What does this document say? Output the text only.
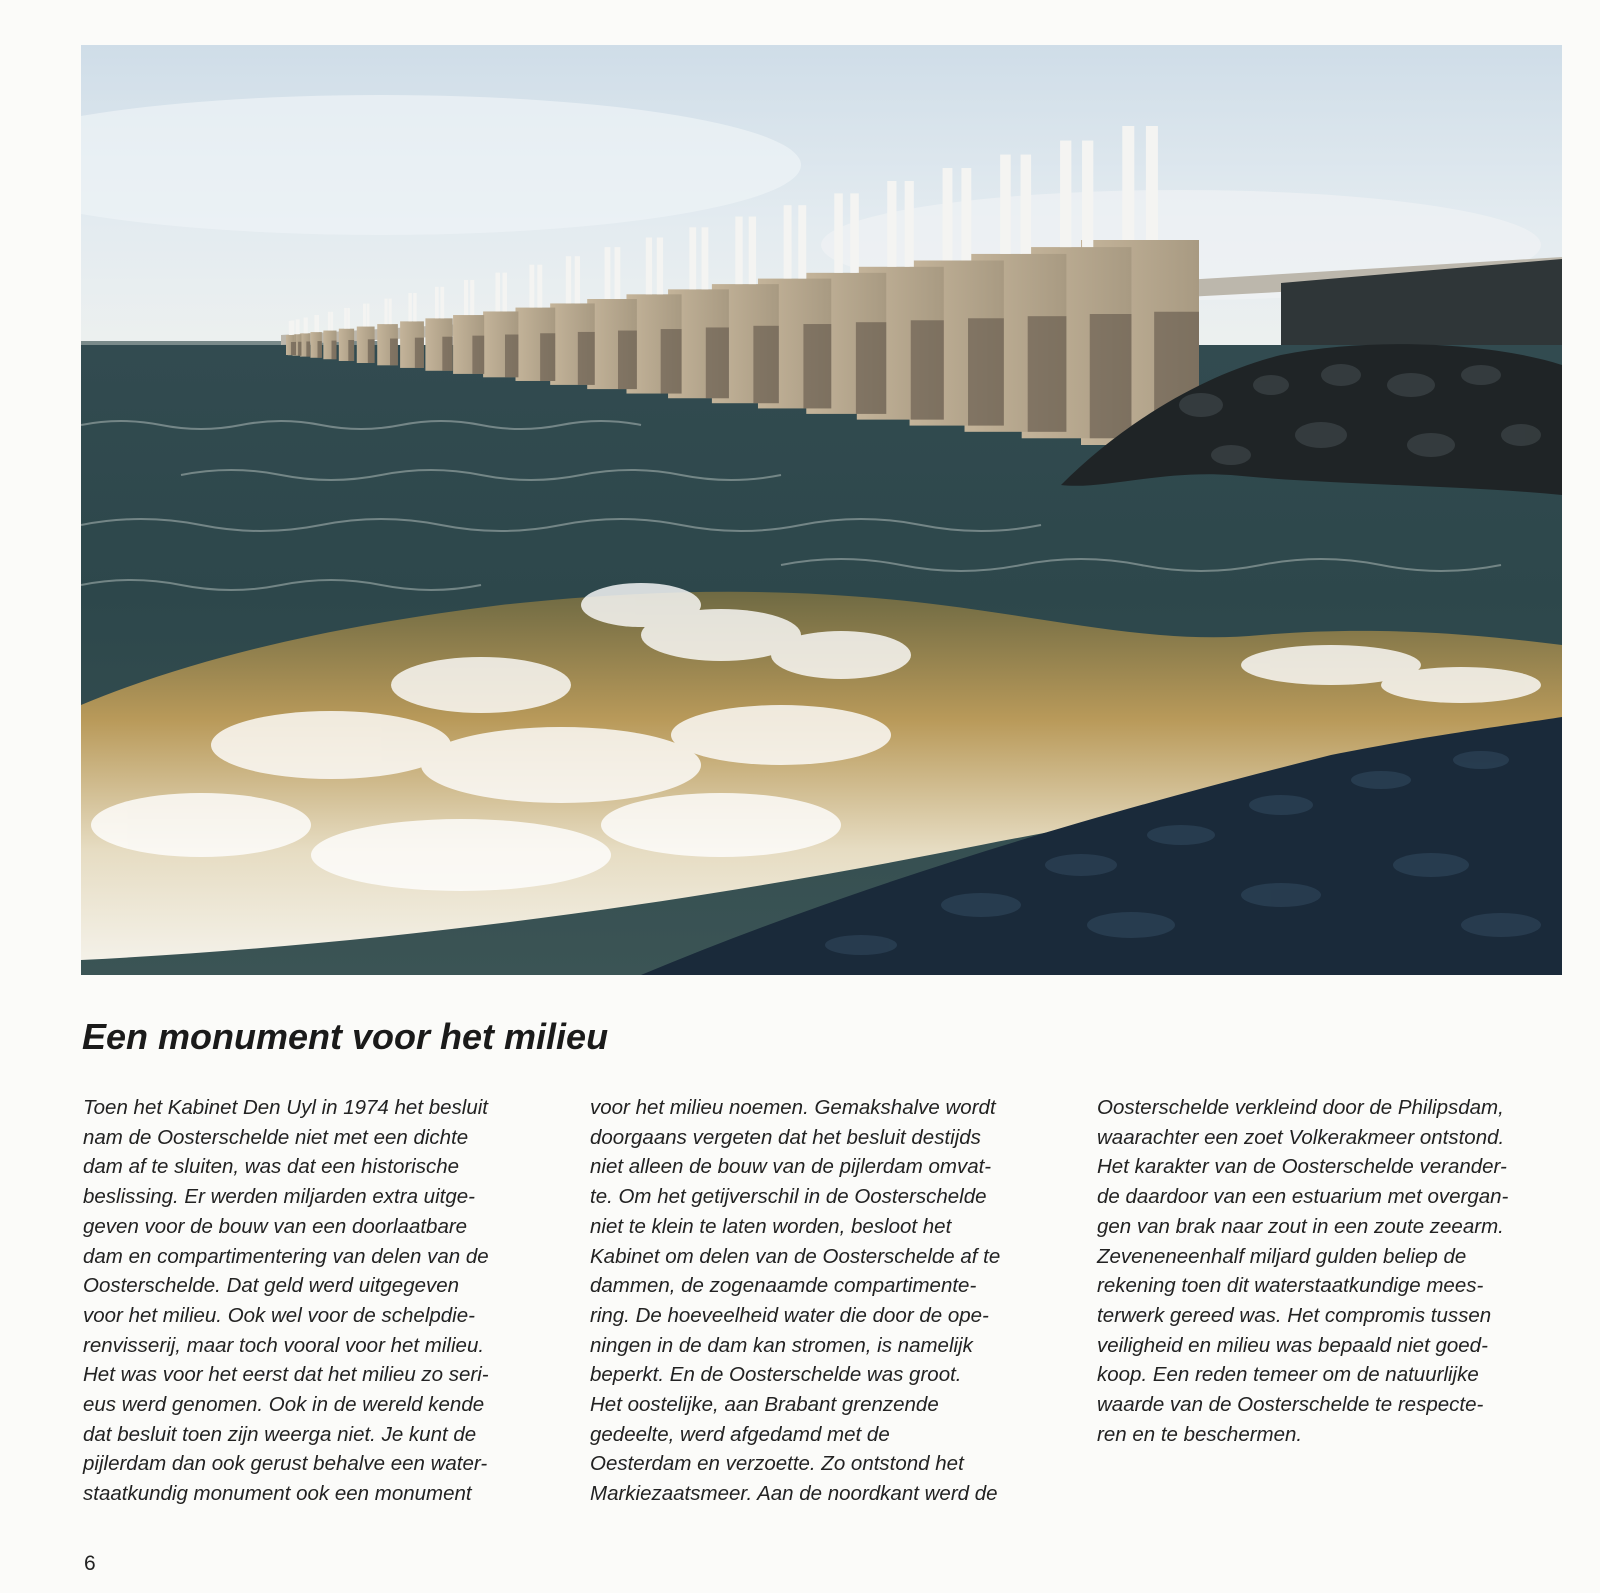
Een monument voor het milieu
Toen het Kabinet Den Uyl in 1974 het besluit
nam de Oosterschelde niet met een dichte
dam af te sluiten, was dat een historische
beslissing. Er werden miljarden extra uitge-
geven voor de bouw van een doorlaatbare
dam en compartimentering van delen van de
Oosterschelde. Dat geld werd uitgegeven
voor het milieu. Ook wel voor de schelpdie-
renvisserij, maar toch vooral voor het milieu.
Het was voor het eerst dat het milieu zo seri-
eus werd genomen. Ook in de wereld kende
dat besluit toen zijn weerga niet. Je kunt de
pijlerdam dan ook gerust behalve een water-
staatkundig monument ook een monument
voor het milieu noemen. Gemakshalve wordt
doorgaans vergeten dat het besluit destijds
niet alleen de bouw van de pijlerdam omvat-
te. Om het getijverschil in de Oosterschelde
niet te klein te laten worden, besloot het
Kabinet om delen van de Oosterschelde af te
dammen, de zogenaamde compartimente-
ring. De hoeveelheid water die door de ope-
ningen in de dam kan stromen, is namelijk
beperkt. En de Oosterschelde was groot.
Het oostelijke, aan Brabant grenzende
gedeelte, werd afgedamd met de
Oesterdam en verzoette. Zo ontstond het
Markiezaatsmeer. Aan de noordkant werd de
Oosterschelde verkleind door de Philipsdam,
waarachter een zoet Volkerakmeer ontstond.
Het karakter van de Oosterschelde verander-
de daardoor van een estuarium met overgan-
gen van brak naar zout in een zoute zeearm.
Zeveneneenhalf miljard gulden beliep de
rekening toen dit waterstaatkundige mees-
terwerk gereed was. Het compromis tussen
veiligheid en milieu was bepaald niet goed-
koop. Een reden temeer om de natuurlijke
waarde van de Oosterschelde te respecte-
ren en te beschermen.
6
